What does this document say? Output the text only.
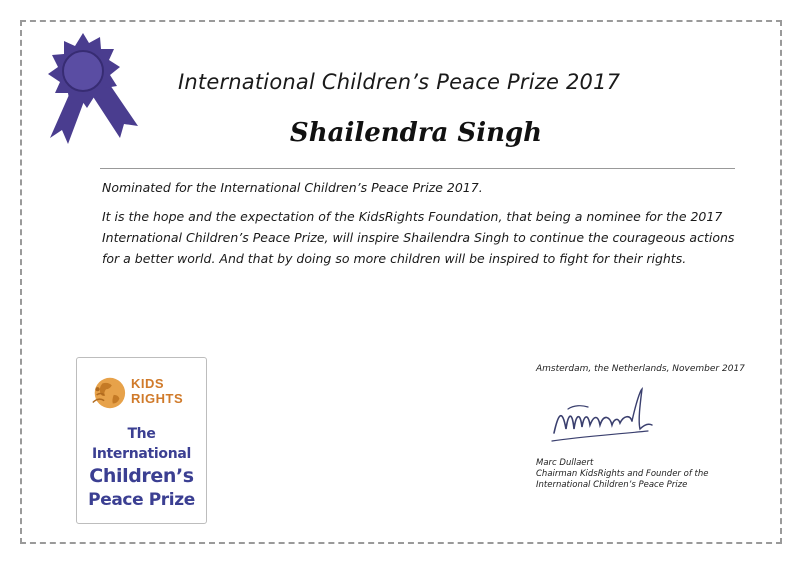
International Children’s Peace Prize 2017
Shailendra Singh
Nominated for the International Children’s Peace Prize 2017.
It is the hope and the expectation of the KidsRights Foundation, that being a nominee for the 2017 International Children’s Peace Prize, will inspire Shailendra Singh to continue the courageous actions for a better world. And that by doing so more children will be inspired to fight for their rights.
KIDS
RIGHTS
The International
Children’s
Peace Prize
Amsterdam, the Netherlands, November 2017
Marc Dullaert
Chairman KidsRights and Founder of the
International Children’s Peace Prize
